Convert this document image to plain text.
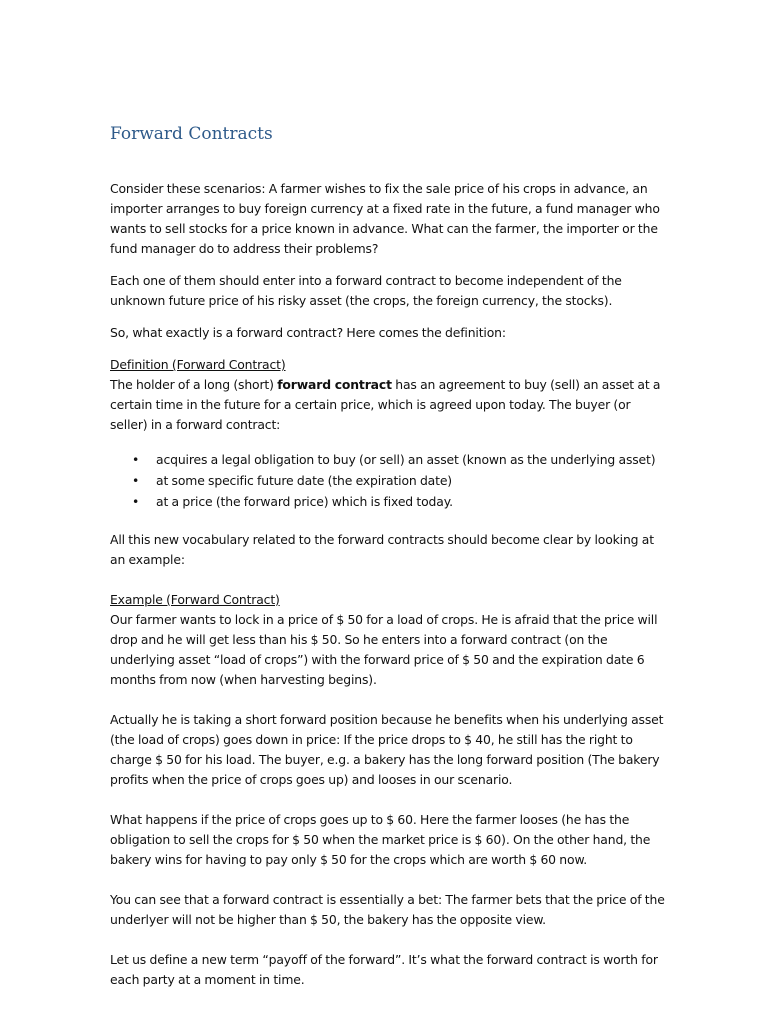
Forward Contracts

Consider these scenarios: A farmer wishes to fix the sale price of his crops in advance, an importer arranges to buy foreign currency at a fixed rate in the future, a fund manager who wants to sell stocks for a price known in advance. What can the farmer, the importer or the fund manager do to address their problems?

Each one of them should enter into a forward contract to become independent of the unknown future price of his risky asset (the crops, the foreign currency, the stocks).

So, what exactly is a forward contract? Here comes the definition:

Definition (Forward Contract)

The holder of a long (short) forward contract has an agreement to buy (sell) an asset at a certain time in the future for a certain price, which is agreed upon today. The buyer (or seller) in a forward contract:

• acquires a legal obligation to buy (or sell) an asset (known as the underlying asset)
• at some specific future date (the expiration date)
• at a price (the forward price) which is fixed today.

All this new vocabulary related to the forward contracts should become clear by looking at an example:

Example (Forward Contract)

Our farmer wants to lock in a price of $ 50 for a load of crops. He is afraid that the price will drop and he will get less than his $ 50. So he enters into a forward contract (on the underlying asset “load of crops”) with the forward price of $ 50 and the expiration date 6 months from now (when harvesting begins).

Actually he is taking a short forward position because he benefits when his underlying asset (the load of crops) goes down in price: If the price drops to $ 40, he still has the right to charge $ 50 for his load. The buyer, e.g. a bakery has the long forward position (The bakery profits when the price of crops goes up) and looses in our scenario.

What happens if the price of crops goes up to $ 60. Here the farmer looses (he has the obligation to sell the crops for $ 50 when the market price is $ 60). On the other hand, the bakery wins for having to pay only $ 50 for the crops which are worth $ 60 now.

You can see that a forward contract is essentially a bet: The farmer bets that the price of the underlyer will not be higher than $ 50, the bakery has the opposite view.

Let us define a new term “payoff of the forward”. It’s what the forward contract is worth for each party at a moment in time.
